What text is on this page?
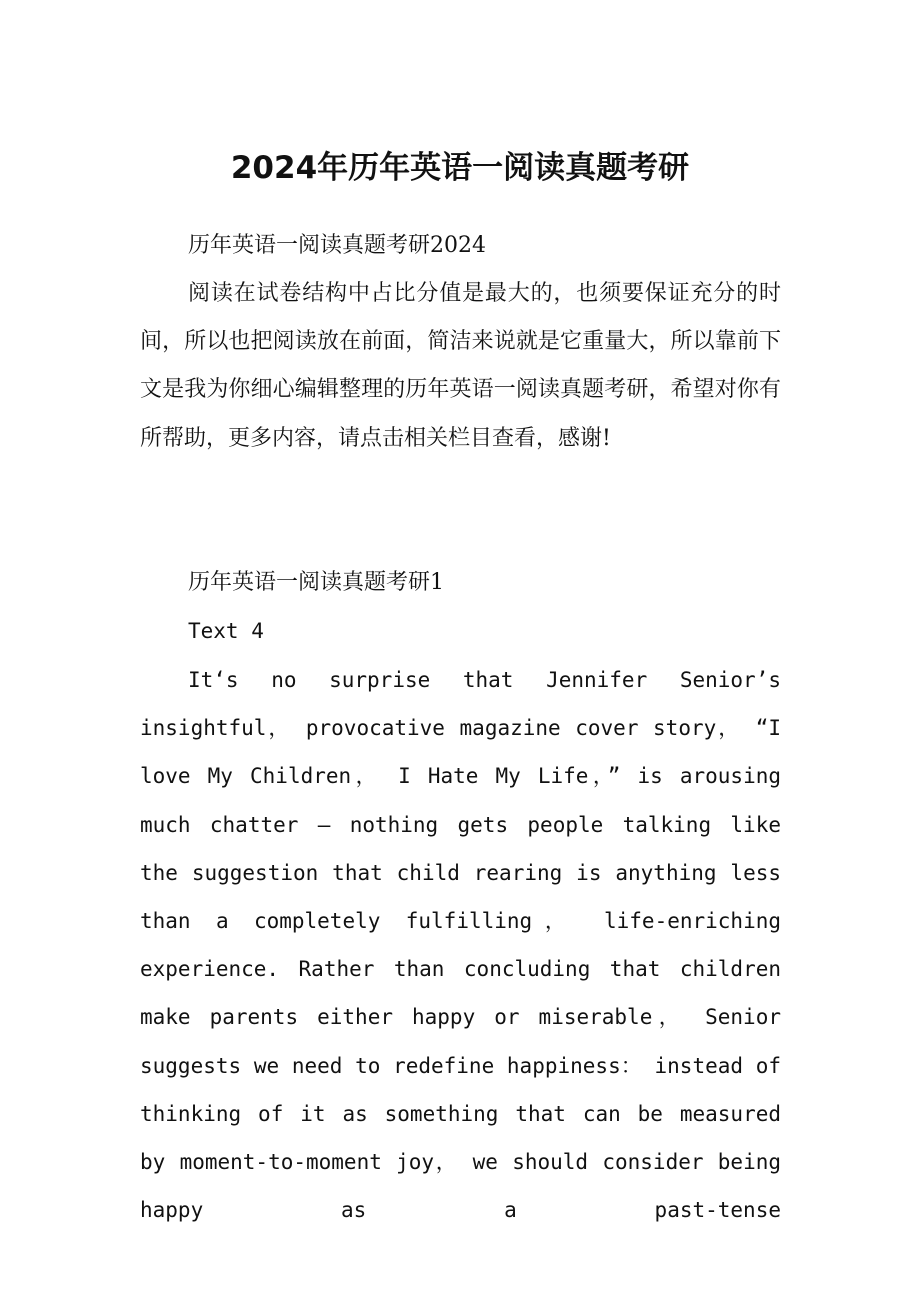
2024年历年英语一阅读真题考研

历年英语一阅读真题考研2024

阅读在试卷结构中占比分值是最大的，也须要保证充分的时间，所以也把阅读放在前面，简洁来说就是它重量大，所以靠前下文是我为你细心编辑整理的历年英语一阅读真题考研，希望对你有所帮助，更多内容，请点击相关栏目查看，感谢!

历年英语一阅读真题考研1

Text 4

It‘s no surprise that Jennifer Senior’s insightful， provocative magazine cover story， “I love My Children， I Hate My Life，” is arousing much chatter – nothing gets people talking like the suggestion that child rearing is anything less than a completely fulfilling， life-enriching experience. Rather than concluding that children make parents either happy or miserable， Senior suggests we need to redefine happiness： instead of thinking of it as something that can be measured by moment-to-moment joy， we should consider being happy as a past-tense
